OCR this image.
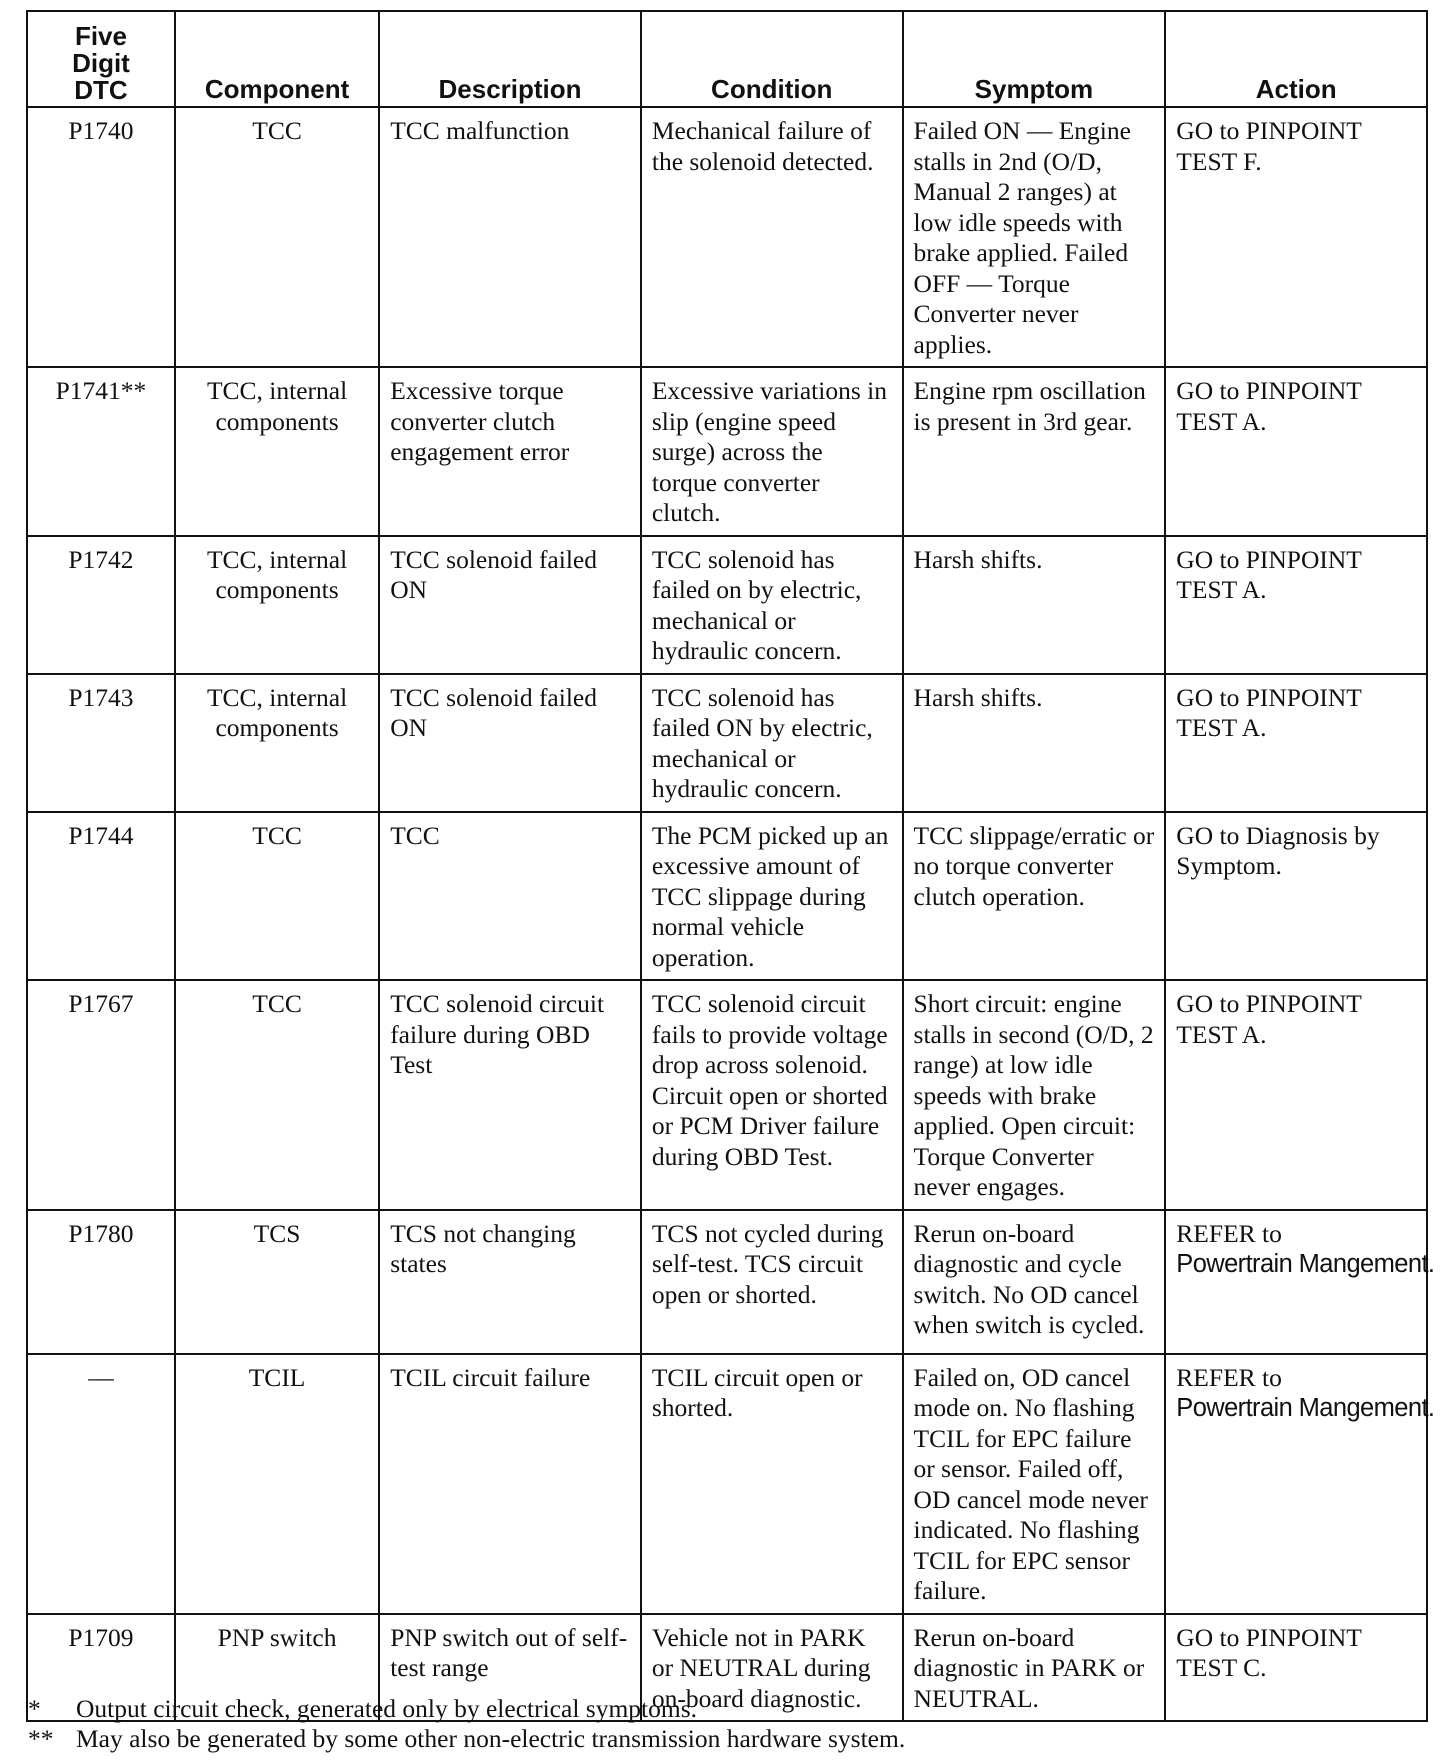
Five
Digit
DTC	Component	Description	Condition	Symptom	Action
P1740	TCC	TCC malfunction	Mechanical failure of the solenoid detected.	Failed ON — Engine stalls in 2nd (O/D, Manual 2 ranges) at low idle speeds with brake applied. Failed OFF — Torque Converter never applies.	GO to PINPOINT TEST F.
P1741**	TCC, internal components	Excessive torque converter clutch engagement error	Excessive variations in slip (engine speed surge) across the torque converter clutch.	Engine rpm oscillation is present in 3rd gear.	GO to PINPOINT TEST A.
P1742	TCC, internal components	TCC solenoid failed ON	TCC solenoid has failed on by electric, mechanical or hydraulic concern.	Harsh shifts.	GO to PINPOINT TEST A.
P1743	TCC, internal components	TCC solenoid failed ON	TCC solenoid has failed ON by electric, mechanical or hydraulic concern.	Harsh shifts.	GO to PINPOINT TEST A.
P1744	TCC	TCC	The PCM picked up an excessive amount of TCC slippage during normal vehicle operation.	TCC slippage/erratic or no torque converter clutch operation.	GO to Diagnosis by Symptom.
P1767	TCC	TCC solenoid circuit failure during OBD Test	TCC solenoid circuit fails to provide voltage drop across solenoid. Circuit open or shorted or PCM Driver failure during OBD Test.	Short circuit: engine stalls in second (O/D, 2 range) at low idle speeds with brake applied. Open circuit: Torque Converter never engages.	GO to PINPOINT TEST A.
P1780	TCS	TCS not changing states	TCS not cycled during self-test. TCS circuit open or shorted.	Rerun on-board diagnostic and cycle switch. No OD cancel when switch is cycled.	REFER to
Powertrain Mangement.

—	TCIL	TCIL circuit failure	TCIL circuit open or shorted.	Failed on, OD cancel mode on. No flashing TCIL for EPC failure or sensor. Failed off, OD cancel mode never indicated. No flashing TCIL for EPC sensor failure.	REFER to
Powertrain Mangement.

P1709	PNP switch	PNP switch out of self-test range	Vehicle not in PARK or NEUTRAL during on-board diagnostic.	Rerun on-board diagnostic in PARK or NEUTRAL.	GO to PINPOINT TEST C.
*	Output circuit check, generated only by electrical symptoms.
** May also be generated by some other non-electric transmission hardware system.
